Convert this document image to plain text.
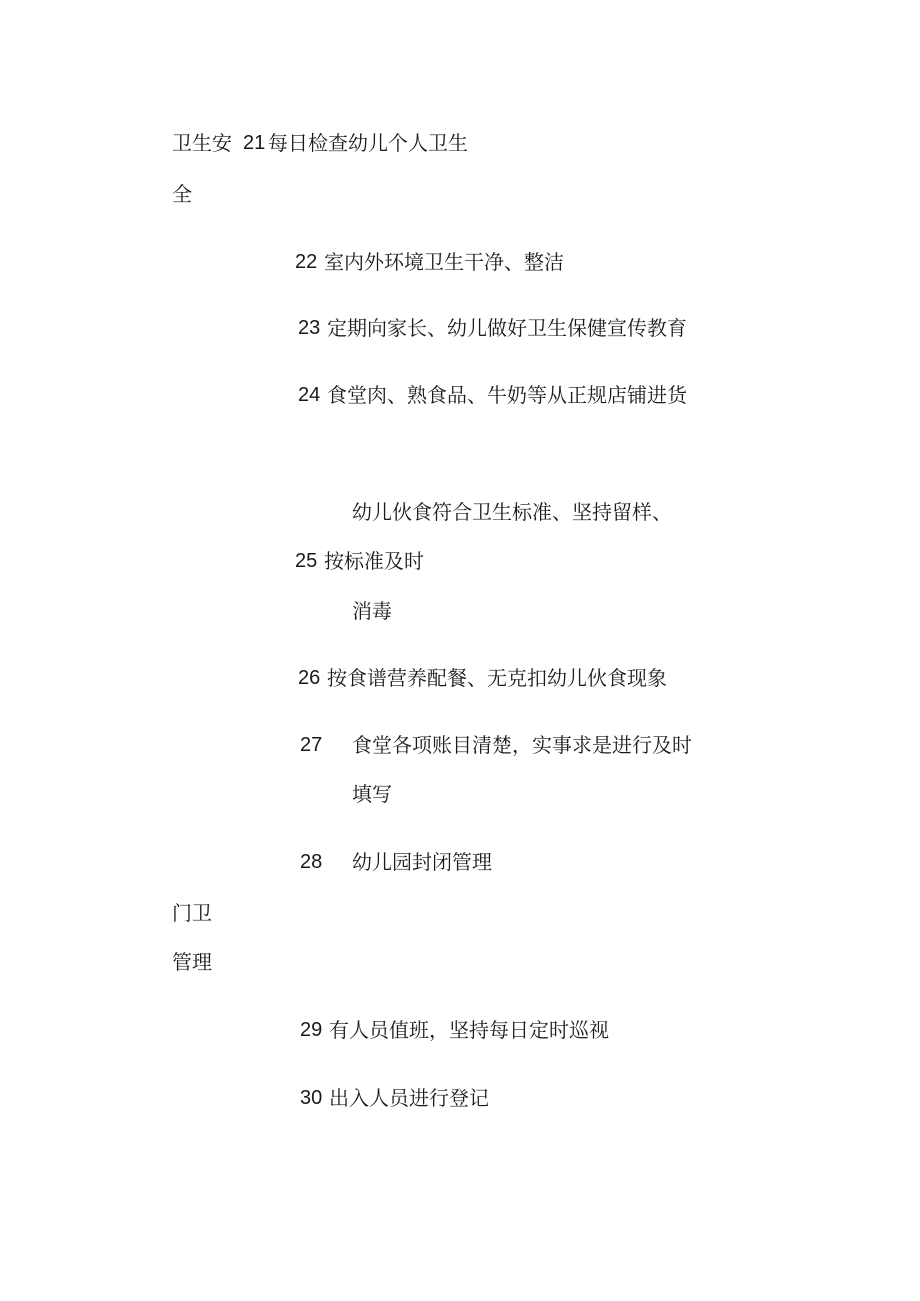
卫生安 21 每日检查幼儿个人卫生
全
22 室内外环境卫生干净、整洁
23 定期向家长、幼儿做好卫生保健宣传教育
24 食堂肉、熟食品、牛奶等从正规店铺进货
幼儿伙食符合卫生标准、坚持留样、
25 按标准及时
消毒
26 按食谱营养配餐、无克扣幼儿伙食现象
27 食堂各项账目清楚，实事求是进行及时
填写
28 幼儿园封闭管理
门卫
管理
29 有人员值班，坚持每日定时巡视
30 出入人员进行登记
